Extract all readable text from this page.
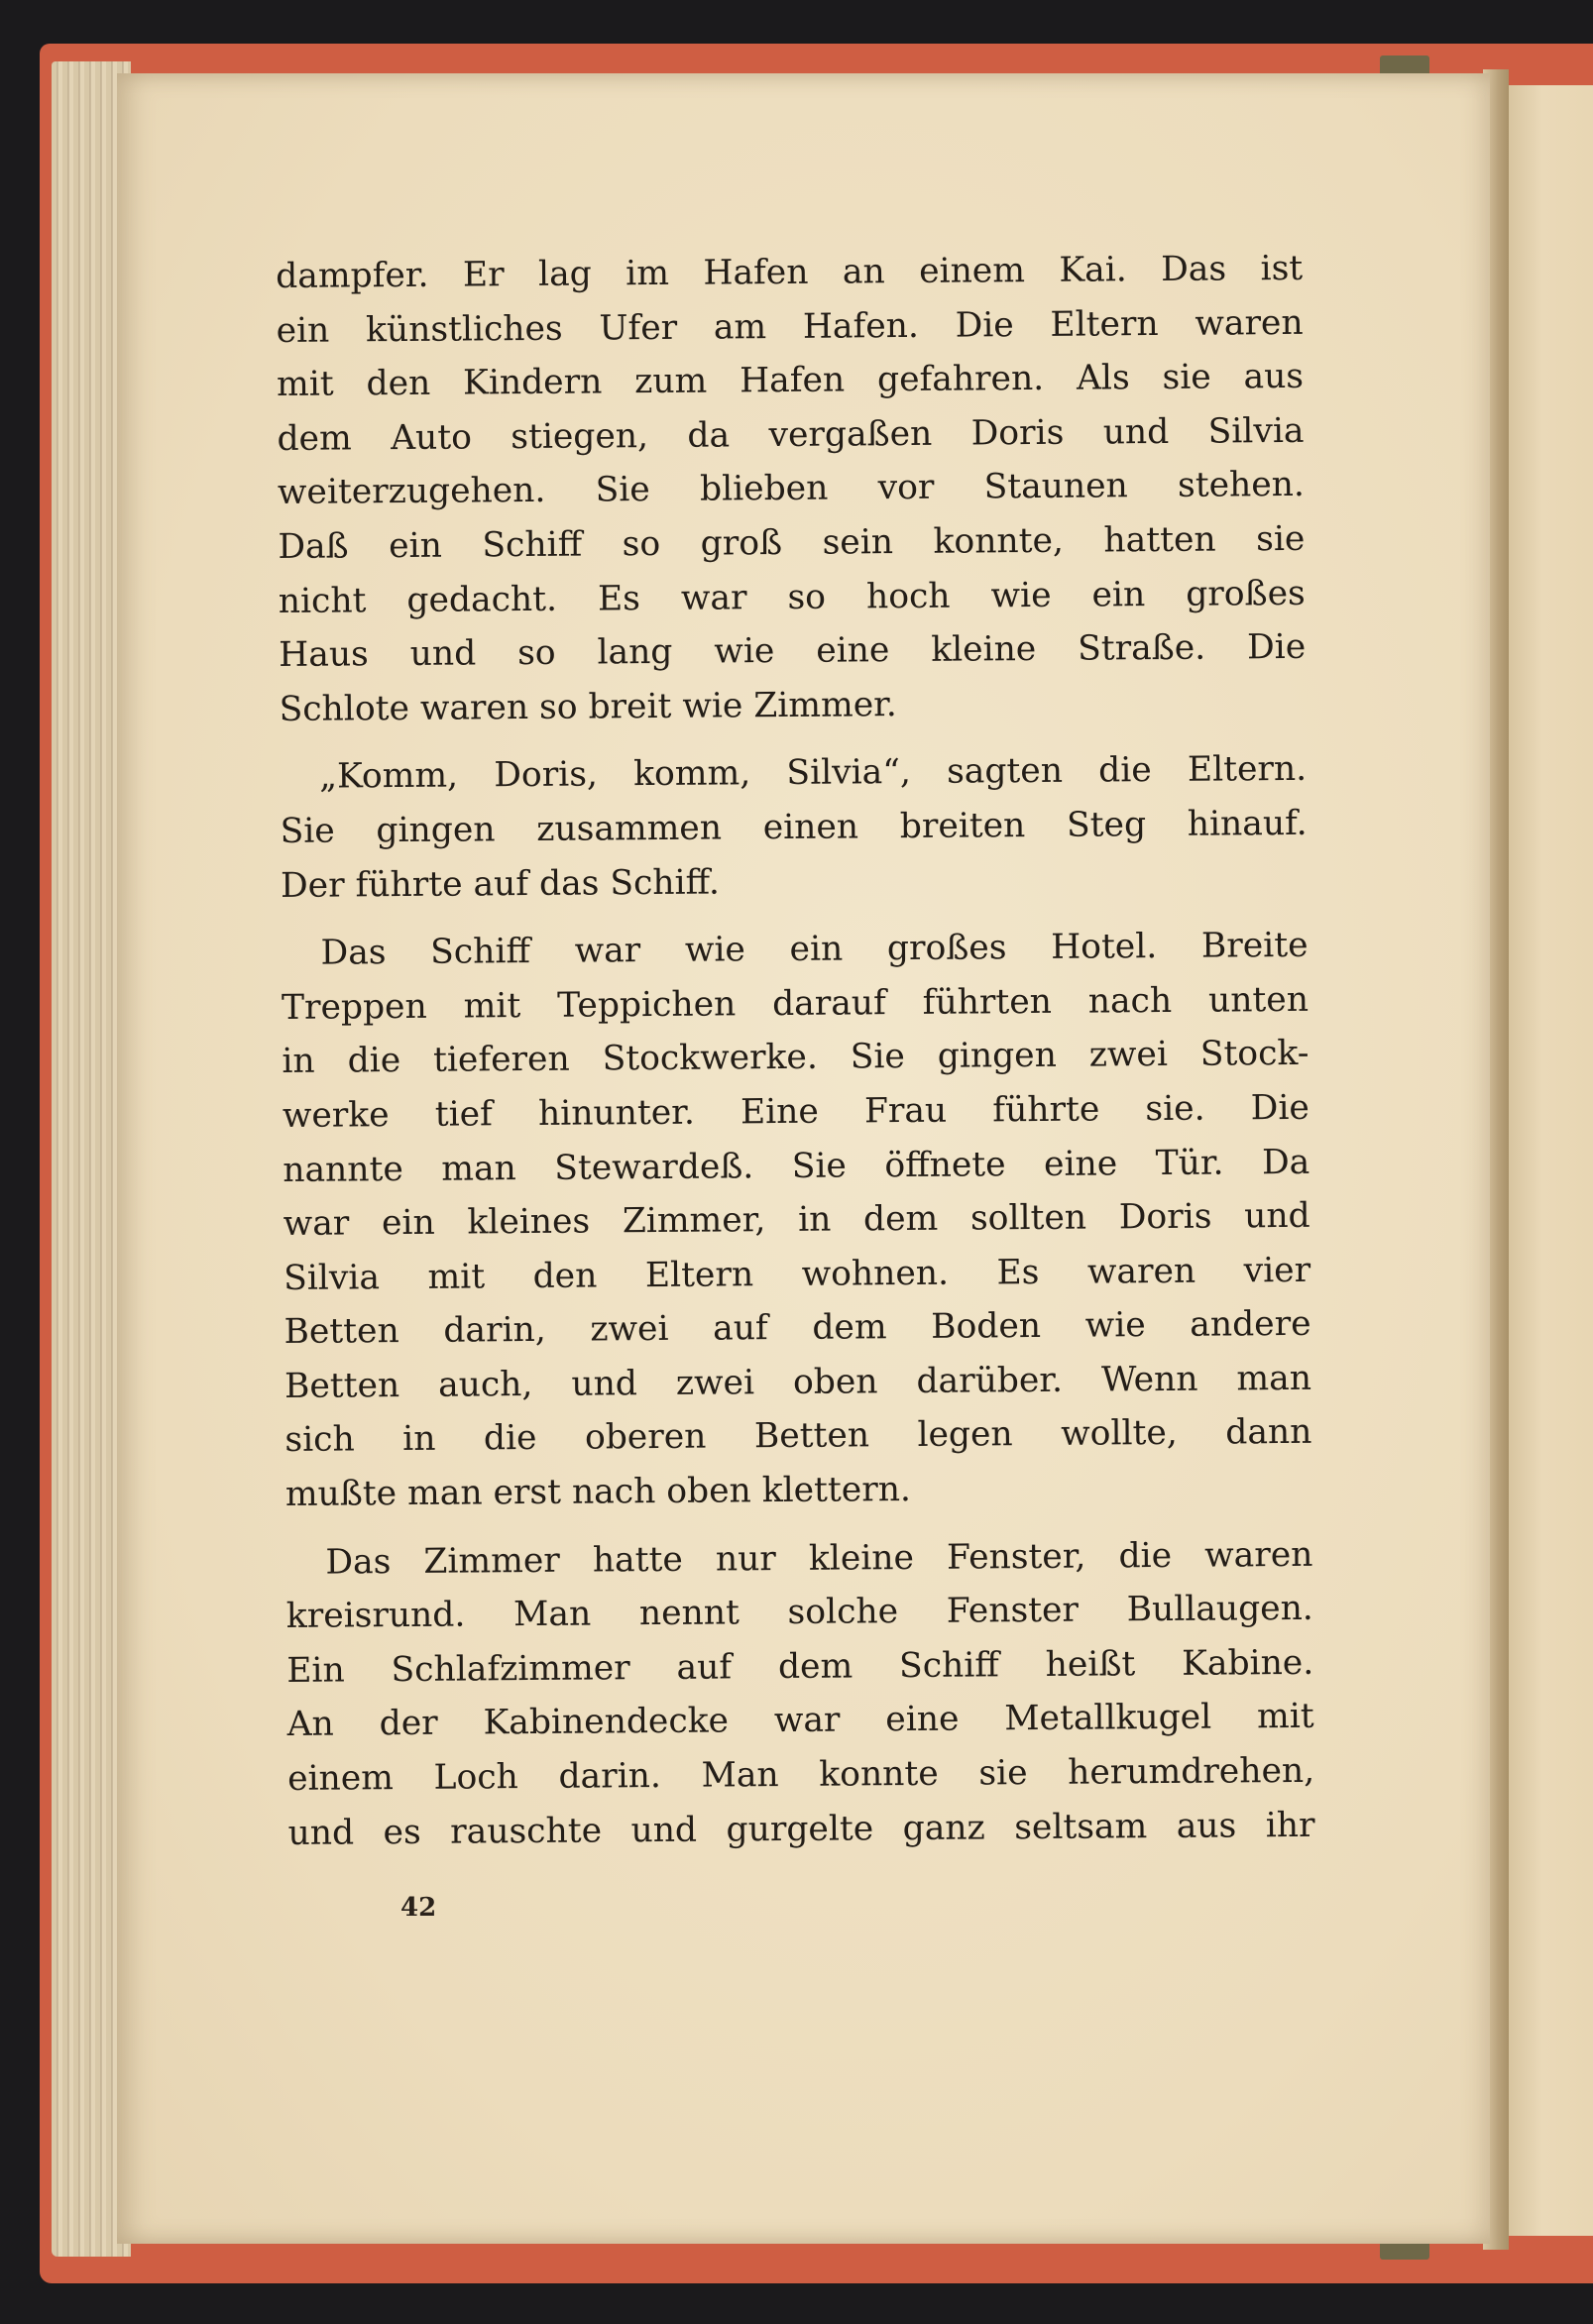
dampfer. Er lag im Hafen an einem Kai. Das ist
ein künstliches Ufer am Hafen. Die Eltern waren
mit den Kindern zum Hafen gefahren. Als sie aus
dem Auto stiegen, da vergaßen Doris und Silvia
weiterzugehen. Sie blieben vor Staunen stehen.
Daß ein Schiff so groß sein konnte, hatten sie
nicht gedacht. Es war so hoch wie ein großes
Haus und so lang wie eine kleine Straße. Die
Schlote waren so breit wie Zimmer.
„Komm, Doris, komm, Silvia“, sagten die Eltern.
Sie gingen zusammen einen breiten Steg hinauf.
Der führte auf das Schiff.
Das Schiff war wie ein großes Hotel. Breite
Treppen mit Teppichen darauf führten nach unten
in die tieferen Stockwerke. Sie gingen zwei Stock-
werke tief hinunter. Eine Frau führte sie. Die
nannte man Stewardeß. Sie öffnete eine Tür. Da
war ein kleines Zimmer, in dem sollten Doris und
Silvia mit den Eltern wohnen. Es waren vier
Betten darin, zwei auf dem Boden wie andere
Betten auch, und zwei oben darüber. Wenn man
sich in die oberen Betten legen wollte, dann
mußte man erst nach oben klettern.
Das Zimmer hatte nur kleine Fenster, die waren
kreisrund. Man nennt solche Fenster Bullaugen.
Ein Schlafzimmer auf dem Schiff heißt Kabine.
An der Kabinendecke war eine Metallkugel mit
einem Loch darin. Man konnte sie herumdrehen,
und es rauschte und gurgelte ganz seltsam aus ihr
42
